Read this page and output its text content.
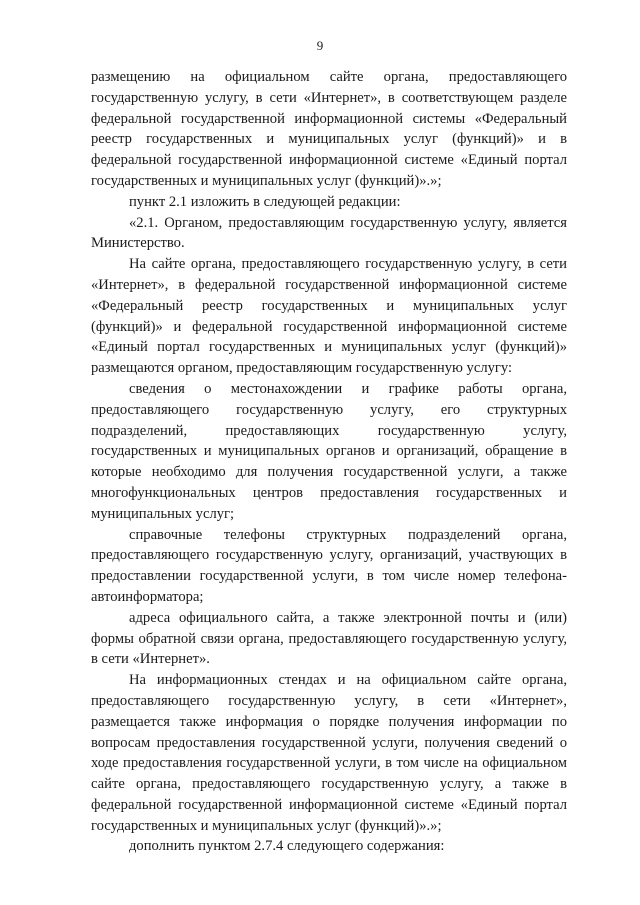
9

размещению на официальном сайте органа, предоставляющего государственную услугу, в сети «Интернет», в соответствующем разделе федеральной государственной информационной системы «Федеральный реестр государственных и муниципальных услуг (функций)» и в федеральной государственной информационной системе «Единый портал государственных и муниципальных услуг (функций)».»;

пункт 2.1 изложить в следующей редакции:

«2.1. Органом, предоставляющим государственную услугу, является Министерство.

На сайте органа, предоставляющего государственную услугу, в сети «Интернет», в федеральной государственной информационной системе «Федеральный реестр государственных и муниципальных услуг (функций)» и федеральной государственной информационной системе «Единый портал государственных и муниципальных услуг (функций)» размещаются органом, предоставляющим государственную услугу:

сведения о местонахождении и графике работы органа, предоставляющего государственную услугу, его структурных подразделений, предоставляющих государственную услугу, государственных и муниципальных органов и организаций, обращение в которые необходимо для получения государственной услуги, а также многофункциональных центров предоставления государственных и муниципальных услуг;

справочные телефоны структурных подразделений органа, предоставляющего государственную услугу, организаций, участвующих в предоставлении государственной услуги, в том числе номер телефона-автоинформатора;

адреса официального сайта, а также электронной почты и (или) формы обратной связи органа, предоставляющего государственную услугу, в сети «Интернет».

На информационных стендах и на официальном сайте органа, предоставляющего государственную услугу, в сети «Интернет», размещается также информация о порядке получения информации по вопросам предоставления государственной услуги, получения сведений о ходе предоставления государственной услуги, в том числе на официальном сайте органа, предоставляющего государственную услугу, а также в федеральной государственной информационной системе «Единый портал государственных и муниципальных услуг (функций)».»;

дополнить пунктом 2.7.4 следующего содержания:
